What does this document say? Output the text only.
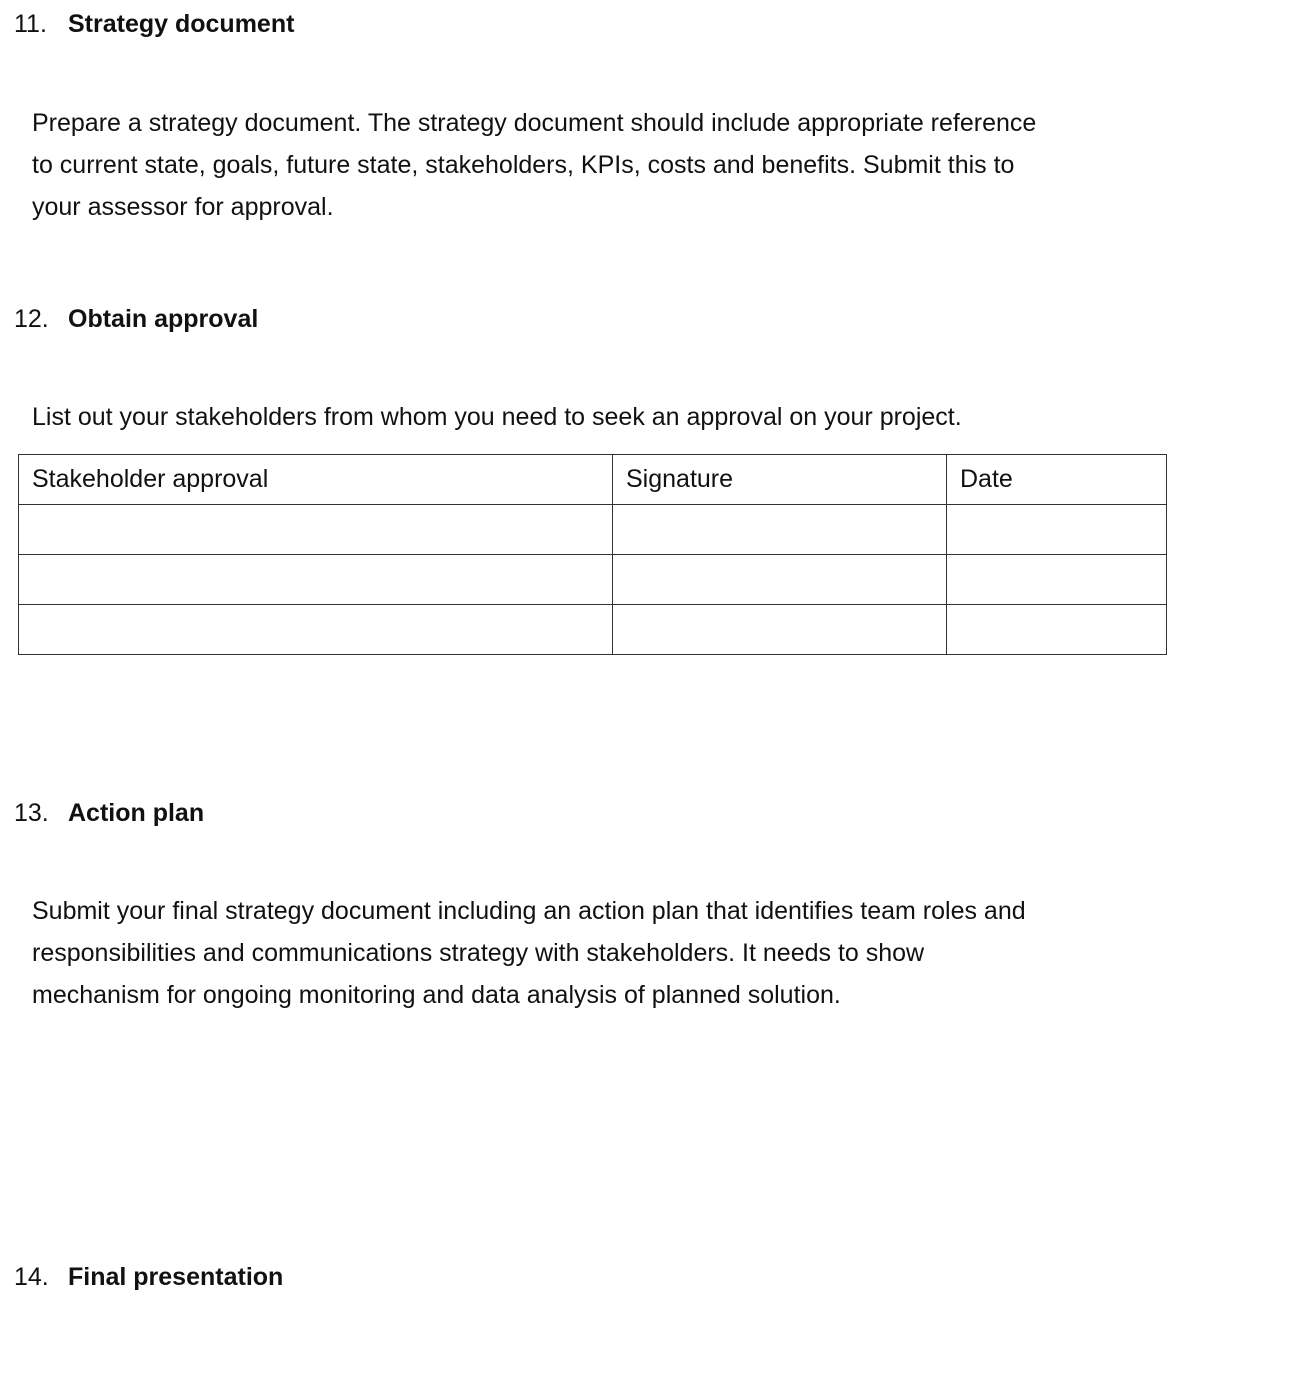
11. Strategy document
Prepare a strategy document. The strategy document should include appropriate reference
to current state, goals, future state, stakeholders, KPIs, costs and benefits. Submit this to
your assessor for approval.
12. Obtain approval
List out your stakeholders from whom you need to seek an approval on your project.
Stakeholder approval	Signature	Date

13. Action plan
Submit your final strategy document including an action plan that identifies team roles and
responsibilities and communications strategy with stakeholders. It needs to show
mechanism for ongoing monitoring and data analysis of planned solution.
14. Final presentation
